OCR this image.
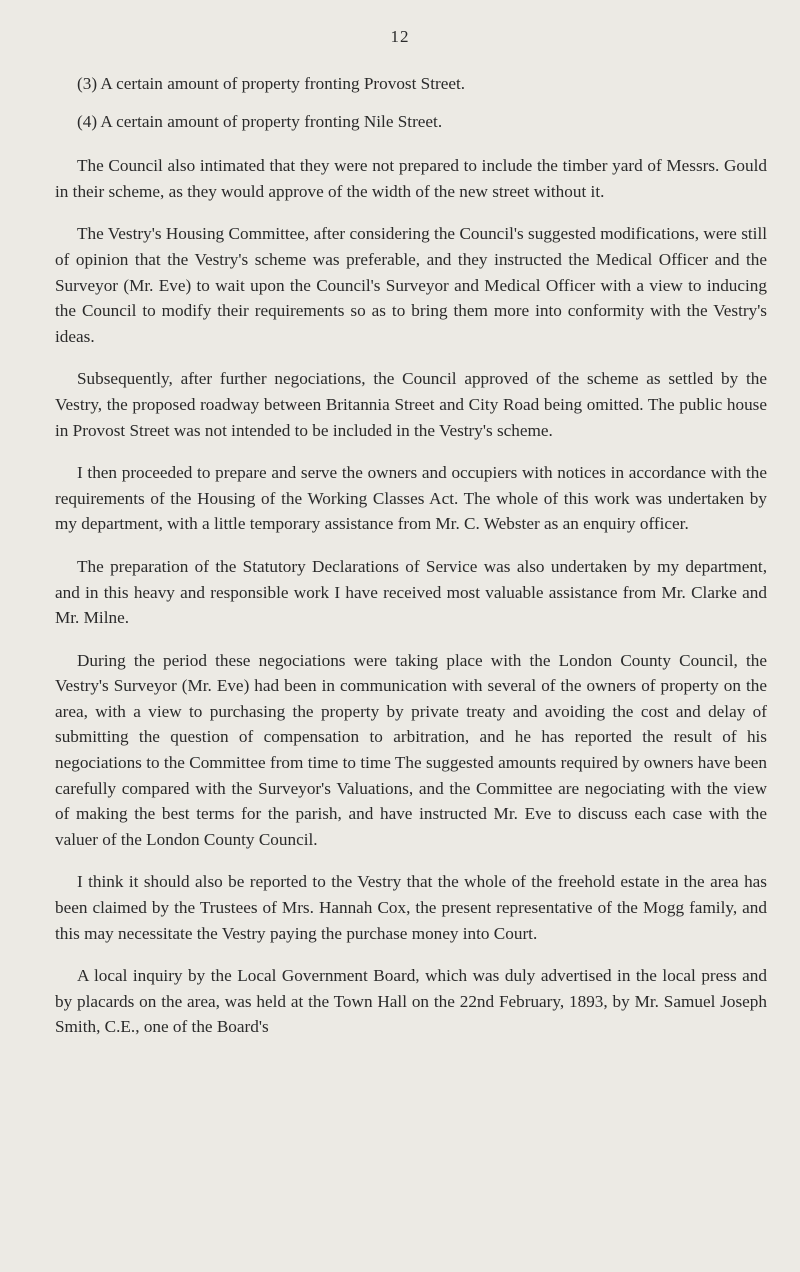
12

(3) A certain amount of property fronting Provost Street.

(4) A certain amount of property fronting Nile Street.

The Council also intimated that they were not prepared to include the timber yard of Messrs. Gould in their scheme, as they would approve of the width of the new street without it.

The Vestry's Housing Committee, after considering the Council's suggested modifications, were still of opinion that the Vestry's scheme was preferable, and they instructed the Medical Officer and the Surveyor (Mr. Eve) to wait upon the Council's Surveyor and Medical Officer with a view to inducing the Council to modify their requirements so as to bring them more into conformity with the Vestry's ideas.

Subsequently, after further negociations, the Council approved of the scheme as settled by the Vestry, the proposed roadway between Britannia Street and City Road being omitted. The public house in Provost Street was not intended to be included in the Vestry's scheme.

I then proceeded to prepare and serve the owners and occupiers with notices in accordance with the requirements of the Housing of the Working Classes Act. The whole of this work was undertaken by my department, with a little temporary assistance from Mr. C. Webster as an enquiry officer.

The preparation of the Statutory Declarations of Service was also undertaken by my department, and in this heavy and responsible work I have received most valuable assistance from Mr. Clarke and Mr. Milne.

During the period these negociations were taking place with the London County Council, the Vestry's Surveyor (Mr. Eve) had been in communication with several of the owners of property on the area, with a view to purchasing the property by private treaty and avoiding the cost and delay of submitting the question of compensation to arbitration, and he has reported the result of his negociations to the Committee from time to time The suggested amounts required by owners have been carefully compared with the Surveyor's Valuations, and the Committee are negociating with the view of making the best terms for the parish, and have instructed Mr. Eve to discuss each case with the valuer of the London County Council.

I think it should also be reported to the Vestry that the whole of the freehold estate in the area has been claimed by the Trustees of Mrs. Hannah Cox, the present representative of the Mogg family, and this may necessitate the Vestry paying the purchase money into Court.

A local inquiry by the Local Government Board, which was duly advertised in the local press and by placards on the area, was held at the Town Hall on the 22nd February, 1893, by Mr. Samuel Joseph Smith, C.E., one of the Board's
